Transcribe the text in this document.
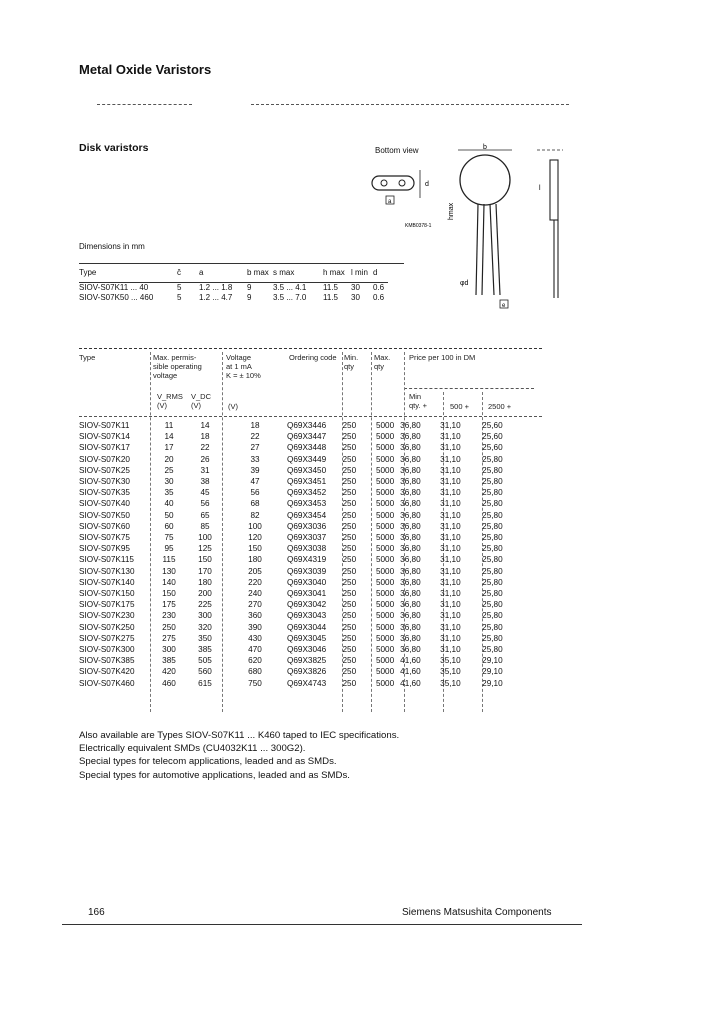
Metal Oxide Varistors
Disk varistors	Bottom view
d
a
KMB0378-1
b
hmax
φd
e
l
Dimensions in mm
Type	ĉ	a	b max	s max	h max	l min	d

SIOV-S07K11 ... 40	5	1.2 ... 1.8	9	3.5 ... 4.1	11.5	30	0.6
SIOV-S07K50 ... 460	5	1.2 ... 4.7	9	3.5 ... 7.0	11.5	30	0.6
Type	Max. permis-
sible operating
voltage
Voltage
at 1 mA
K = ± 10%
Ordering code Min.
qty
Max.
qty
Price per 100 in DM
Min
qty. +	500 +	2500 +
V_RMS
(V)
V_DC
(V)	(V)
SIOV-S07K11	11	14	18	Q69X3446	250	5000	36,80	31,10	25,60
SIOV-S07K14	14	18	22	Q69X3447	250	5000	36,80	31,10	25,60
SIOV-S07K17	17	22	27	Q69X3448	250	5000	36,80	31,10	25,60
SIOV-S07K20	20	26	33	Q69X3449	250	5000	36,80	31,10	25,80
SIOV-S07K25	25	31	39	Q69X3450	250	5000	36,80	31,10	25,80
SIOV-S07K30	30	38	47	Q69X3451	250	5000	36,80	31,10	25,80
SIOV-S07K35	35	45	56	Q69X3452	250	5000	36,80	31,10	25,80
SIOV-S07K40	40	56	68	Q69X3453	250	5000	36,80	31,10	25,80
SIOV-S07K50	50	65	82	Q69X3454	250	5000	36,80	31,10	25,80
SIOV-S07K60	60	85	100	Q69X3036	250	5000	36,80	31,10	25,80
SIOV-S07K75	75	100	120	Q69X3037	250	5000	36,80	31,10	25,80
SIOV-S07K95	95	125	150	Q69X3038	250	5000	36,80	31,10	25,80
SIOV-S07K115	115	150	180	Q69X4319	250	5000	36,80	31,10	25,80
SIOV-S07K130	130	170	205	Q69X3039	250	5000	36,80	31,10	25,80
SIOV-S07K140	140	180	220	Q69X3040	250	5000	36,80	31,10	25,80
SIOV-S07K150	150	200	240	Q69X3041	250	5000	36,80	31,10	25,80
SIOV-S07K175	175	225	270	Q69X3042	250	5000	36,80	31,10	25,80
SIOV-S07K230	230	300	360	Q69X3043	250	5000	36,80	31,10	25,80
SIOV-S07K250	250	320	390	Q69X3044	250	5000	36,80	31,10	25,80
SIOV-S07K275	275	350	430	Q69X3045	250	5000	36,80	31,10	25,80
SIOV-S07K300	300	385	470	Q69X3046	250	5000	36,80	31,10	25,80
SIOV-S07K385	385	505	620	Q69X3825	250	5000	41,60	35,10	29,10
SIOV-S07K420	420	560	680	Q69X3826	250	5000	41,60	35,10	29,10
SIOV-S07K460	460	615	750	Q69X4743	250	5000	41,60	35,10	29,10
Also available are Types SIOV-S07K11 ... K460 taped to IEC specifications.
Electrically equivalent SMDs (CU4032K11 ... 300G2).
Special types for telecom applications, leaded and as SMDs.
Special types for automotive applications, leaded and as SMDs.
166	Siemens Matsushita Components
